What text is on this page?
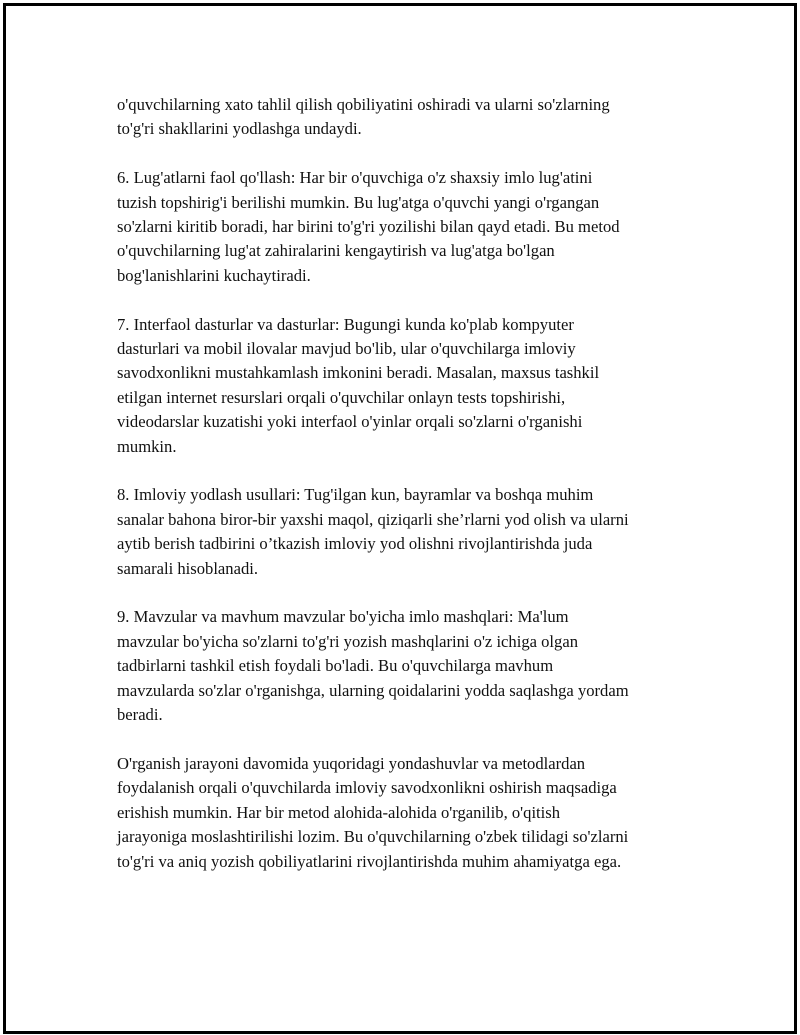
o'quvchilarning xato tahlil qilish qobiliyatini oshiradi va ularni so'zlarning
to'g'ri shakllarini yodlashga undaydi.

6. Lug'atlarni faol qo'llash: Har bir o'quvchiga o'z shaxsiy imlo lug'atini
tuzish topshirig'i berilishi mumkin. Bu lug'atga o'quvchi yangi o'rgangan
so'zlarni kiritib boradi, har birini to'g'ri yozilishi bilan qayd etadi. Bu metod
o'quvchilarning lug'at zahiralarini kengaytirish va lug'atga bo'lgan
bog'lanishlarini kuchaytiradi.

7. Interfaol dasturlar va dasturlar: Bugungi kunda ko'plab kompyuter
dasturlari va mobil ilovalar mavjud bo'lib, ular o'quvchilarga imloviy
savodxonlikni mustahkamlash imkonini beradi. Masalan, maxsus tashkil
etilgan internet resurslari orqali o'quvchilar onlayn tests topshirishi,
videodarslar kuzatishi yoki interfaol o'yinlar orqali so'zlarni o'rganishi
mumkin.

8. Imloviy yodlash usullari: Tug'ilgan kun, bayramlar va boshqa muhim
sanalar bahona biror-bir yaxshi maqol, qiziqarli she’rlarni yod olish va ularni
aytib berish tadbirini o’tkazish imloviy yod olishni rivojlantirishda juda
samarali hisoblanadi.

9. Mavzular va mavhum mavzular bo'yicha imlo mashqlari: Ma'lum
mavzular bo'yicha so'zlarni to'g'ri yozish mashqlarini o'z ichiga olgan
tadbirlarni tashkil etish foydali bo'ladi. Bu o'quvchilarga mavhum
mavzularda so'zlar o'rganishga, ularning qoidalarini yodda saqlashga yordam
beradi.

O'rganish jarayoni davomida yuqoridagi yondashuvlar va metodlardan
foydalanish orqali o'quvchilarda imloviy savodxonlikni oshirish maqsadiga
erishish mumkin. Har bir metod alohida-alohida o'rganilib, o'qitish
jarayoniga moslashtirilishi lozim. Bu o'quvchilarning o'zbek tilidagi so'zlarni
to'g'ri va aniq yozish qobiliyatlarini rivojlantirishda muhim ahamiyatga ega.
